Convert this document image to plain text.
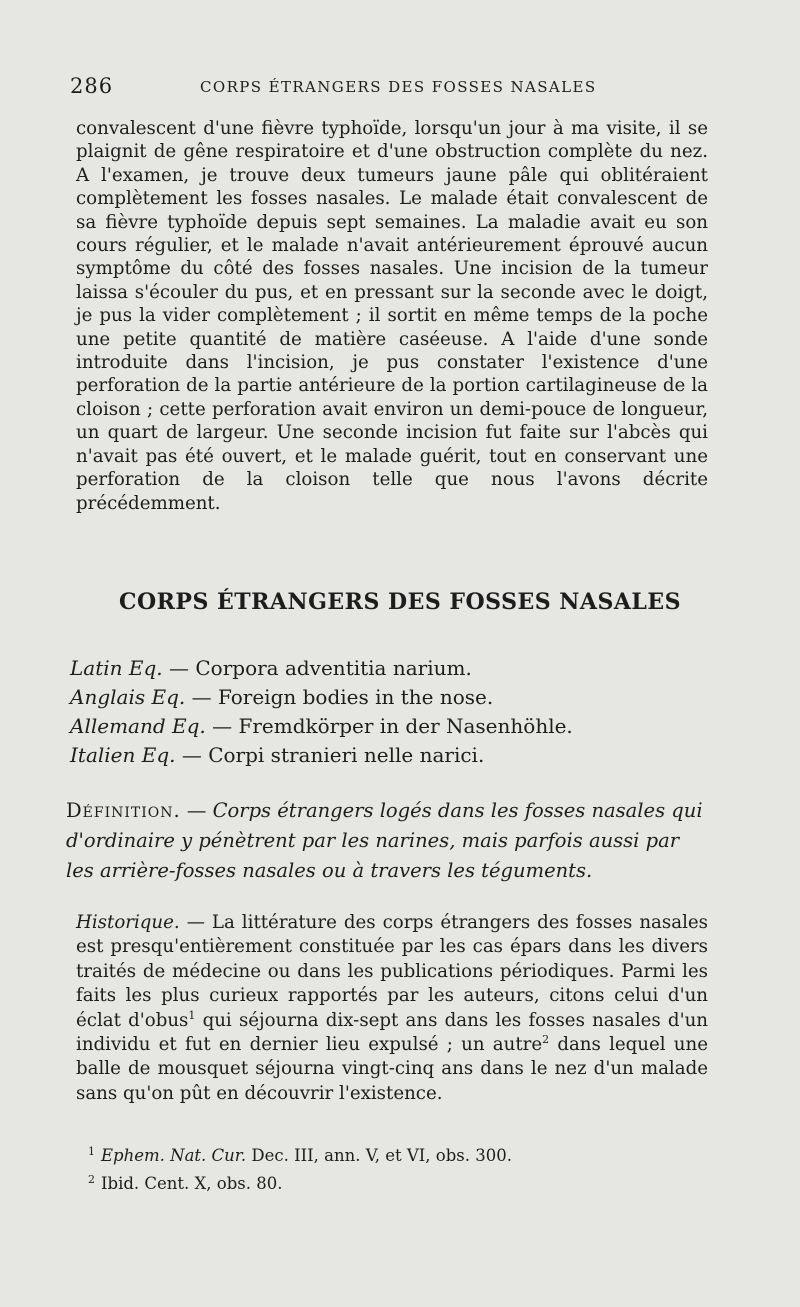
286	CORPS ÉTRANGERS DES FOSSES NASALES

convalescent d'une fièvre typhoïde, lorsqu'un jour à ma visite, il se plaignit de gêne respiratoire et d'une obstruction complète du nez. A l'examen, je trouve deux tumeurs jaune pâle qui oblitéraient complètement les fosses nasales. Le malade était convalescent de sa fièvre typhoïde depuis sept semaines. La maladie avait eu son cours régulier, et le malade n'avait antérieurement éprouvé aucun symptôme du côté des fosses nasales. Une incision de la tumeur laissa s'écouler du pus, et en pressant sur la seconde avec le doigt, je pus la vider complètement ; il sortit en même temps de la poche une petite quantité de matière caséeuse. A l'aide d'une sonde introduite dans l'incision, je pus constater l'existence d'une perforation de la partie antérieure de la portion cartilagineuse de la cloison ; cette perforation avait environ un demi-pouce de longueur, un quart de largeur. Une seconde incision fut faite sur l'abcès qui n'avait pas été ouvert, et le malade guérit, tout en conservant une perforation de la cloison telle que nous l'avons décrite précédemment.

CORPS ÉTRANGERS DES FOSSES NASALES
Latin Eq. — Corpora adventitia narium.
Anglais Eq. — Foreign bodies in the nose.
Allemand Eq. — Fremdkörper in der Nasenhöhle.
Italien Eq. — Corpi stranieri nelle narici.

Définition. — Corps étrangers logés dans les fosses nasales qui d'ordinaire y pénètrent par les narines, mais parfois aussi par les arrière-fosses nasales ou à travers les téguments.

Historique. — La littérature des corps étrangers des fosses nasales est presqu'entièrement constituée par les cas épars dans les divers traités de médecine ou dans les publications périodiques. Parmi les faits les plus curieux rapportés par les auteurs, citons celui d'un éclat d'obus$^1$ qui séjourna dix-sept ans dans les fosses nasales d'un individu et fut en dernier lieu expulsé ; un autre$^2$ dans lequel une balle de mousquet séjourna vingt-cinq ans dans le nez d'un malade sans qu'on pût en découvrir l'existence.

$^1$ Ephem. Nat. Cur. Dec. III, ann. V, et VI, obs. 300.
$^2$ Ibid. Cent. X, obs. 80.
